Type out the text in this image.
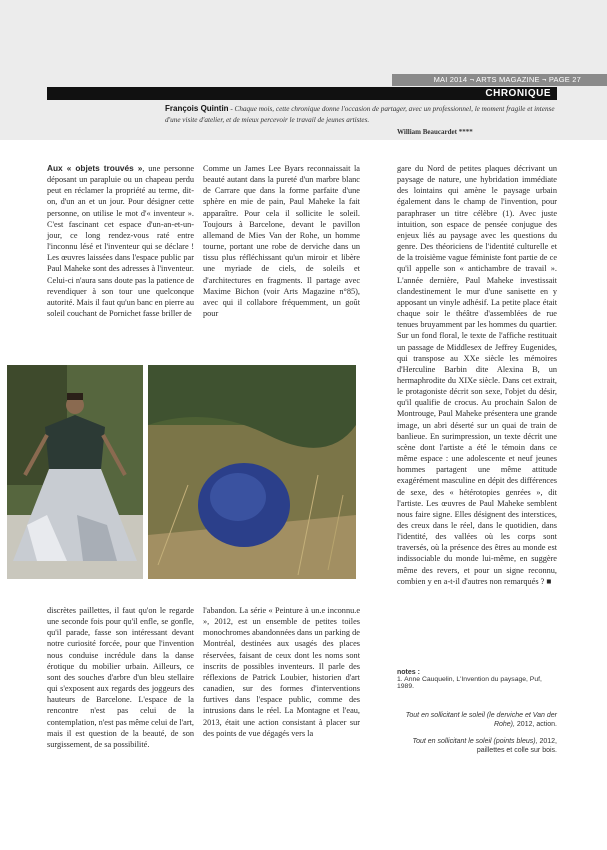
MAI 2014 ¬ ARTS MAGAZINE ¬ PAGE 27
CHRONIQUE
François Quintin - Chaque mois, cette chronique donne l'occasion de partager, avec un professionnel, le moment fragile et intense d'une visite d'atelier, et de mieux percevoir le travail de jeunes artistes.
William Beaucardet ****

Aux « objets trouvés », une personne déposant un parapluie ou un chapeau perdu peut en réclamer la propriété au terme, dit-on, d'un an et un jour. Pour désigner cette personne, on utilise le mot d'« inventeur ». C'est fascinant cet espace d'un-an-et-un-jour, ce long rendez-vous raté entre l'inconnu lésé et l'inventeur qui se déclare ! Les œuvres laissées dans l'espace public par Paul Maheke sont des adresses à l'inventeur. Celui-ci n'aura sans doute pas la patience de revendiquer à son tour une quelconque autorité. Mais il faut qu'un banc en pierre au soleil couchant de Pornichet fasse briller de

Comme un James Lee Byars reconnaissait la beauté autant dans la pureté d'un marbre blanc de Carrare que dans la forme parfaite d'une sphère en mie de pain, Paul Maheke la fait apparaître. Pour cela il sollicite le soleil. Toujours à Barcelone, devant le pavillon allemand de Mies Van der Rohe, un homme tourne, portant une robe de derviche dans un tissu plus réfléchissant qu'un miroir et libère une myriade de ciels, de soleils et d'architectures en fragments. Il partage avec Maxime Bichon (voir Arts Magazine n°85), avec qui il collabore fréquemment, un goût pour

gare du Nord de petites plaques décrivant un paysage de nature, une hybridation immédiate des lointains qui amène le paysage urbain également dans le champ de l'invention, pour paraphraser un titre célèbre (1). Avec juste intuition, son espace de pensée conjugue des enjeux liés au paysage avec les questions du genre. Des théoriciens de l'identité culturelle et de la troisième vague féministe font partie de ce qu'il appelle son « antichambre de travail ». L'année dernière, Paul Maheke investissait clandestinement le mur d'une sanisette en y apposant un vinyle adhésif. La petite place était chaque soir le théâtre d'assemblées de rue tenues bruyamment par les hommes du quartier. Sur un fond floral, le texte de l'affiche restituait un passage de Middlesex de Jeffrey Eugenides, qui transpose au XXe siècle les mémoires d'Herculine Barbin dite Alexina B, un hermaphrodite du XIXe siècle. Dans cet extrait, le protagoniste décrit son sexe, l'objet du désir, qu'il qualifie de crocus. Au prochain Salon de Montrouge, Paul Maheke présentera une grande image, un abri déserté sur un quai de train de banlieue. En surimpression, un texte décrit une scène dont l'artiste a été le témoin dans ce même espace : une adolescente et neuf jeunes hommes partagent une même attitude exagérément masculine en dépit des différences de sexe, des « hétérotopies genrées », dit l'artiste. Les œuvres de Paul Maheke semblent nous faire signe. Elles désignent des interstices, des creux dans le réel, dans le quotidien, dans l'identité, des vallées où les corps sont traversés, où la présence des êtres au monde est indissociable du monde lui-même, en suggère même des revers, et pour un signe reconnu, combien y en a-t-il d'autres non remarqués ? ■

discrètes paillettes, il faut qu'on le regarde une seconde fois pour qu'il enfle, se gonfle, qu'il parade, fasse son intéressant devant notre curiosité forcée, pour que l'invention nous conduise incrédule dans la danse érotique du mobilier urbain. Ailleurs, ce sont des souches d'arbre d'un bleu stellaire qui s'exposent aux regards des joggeurs des hauteurs de Barcelone. L'espace de la rencontre n'est pas celui de la contemplation, n'est pas même celui de l'art, mais il est question de la beauté, de son surgissement, de sa possibilité.

l'abandon. La série « Peinture à un.e inconnu.e », 2012, est un ensemble de petites toiles monochromes abandonnées dans un parking de Montréal, destinées aux usagés des places réservées, faisant de ceux dont les noms sont inscrits de possibles inventeurs. Il parle des réflexions de Patrick Loubier, historien d'art canadien, sur des formes d'interventions furtives dans l'espace public, comme des intrusions dans le réel. La Montagne et l'eau, 2013, était une action consistant à placer sur des points de vue dégagés vers la

notes :
1. Anne Cauquelin, L'Invention du paysage, Puf, 1989.
Tout en sollicitant le soleil (le derviche et Van der Rohe), 2012, action.
Tout en sollicitant le soleil (points bleus), 2012, paillettes et colle sur bois.
